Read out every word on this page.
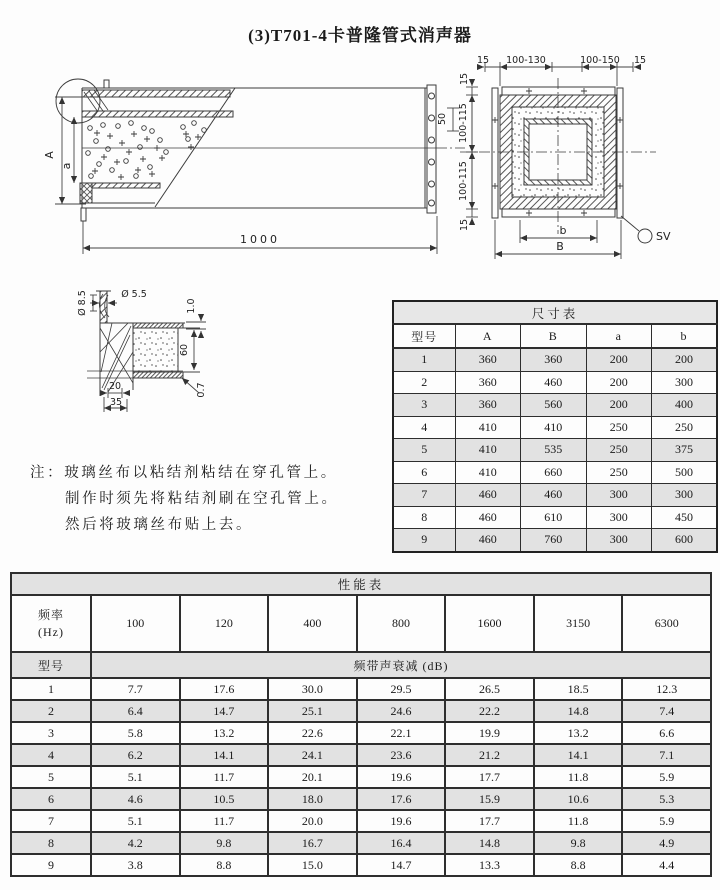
(3)T701-4卡普隆管式消声器
A
a
1000
50
15 100-130	100-150 15
15
100-115
100-115
15	b
B
SV
Ø 8.5	Ø 5.5
1.0
60
0.7
20
35
注：玻璃丝布以粘结剂粘结在穿孔管上。
制作时须先将粘结剂刷在空孔管上。
然后将玻璃丝布贴上去。
尺寸表				
型号	A	B	a	b
1	360	360	200	200
2	360	460	200	300
3	360	560	200	400
4	410	410	250	250
5	410	535	250	375
6	410	660	250	500
7	460	460	300	300
8	460	610	300	450
9	460	760	300	600
性能表							

频率
(Hz)	100	120	400	800	1600	3150	6300
型号	频带声衰减 (dB)						
1	7.7	17.6	30.0	29.5	26.5	18.5	12.3
2	6.4	14.7	25.1	24.6	22.2	14.8	7.4
3	5.8	13.2	22.6	22.1	19.9	13.2	6.6
4	6.2	14.1	24.1	23.6	21.2	14.1	7.1
5	5.1	11.7	20.1	19.6	17.7	11.8	5.9
6	4.6	10.5	18.0	17.6	15.9	10.6	5.3
7	5.1	11.7	20.0	19.6	17.7	11.8	5.9
8	4.2	9.8	16.7	16.4	14.8	9.8	4.9
9	3.8	8.8	15.0	14.7	13.3	8.8	4.4
